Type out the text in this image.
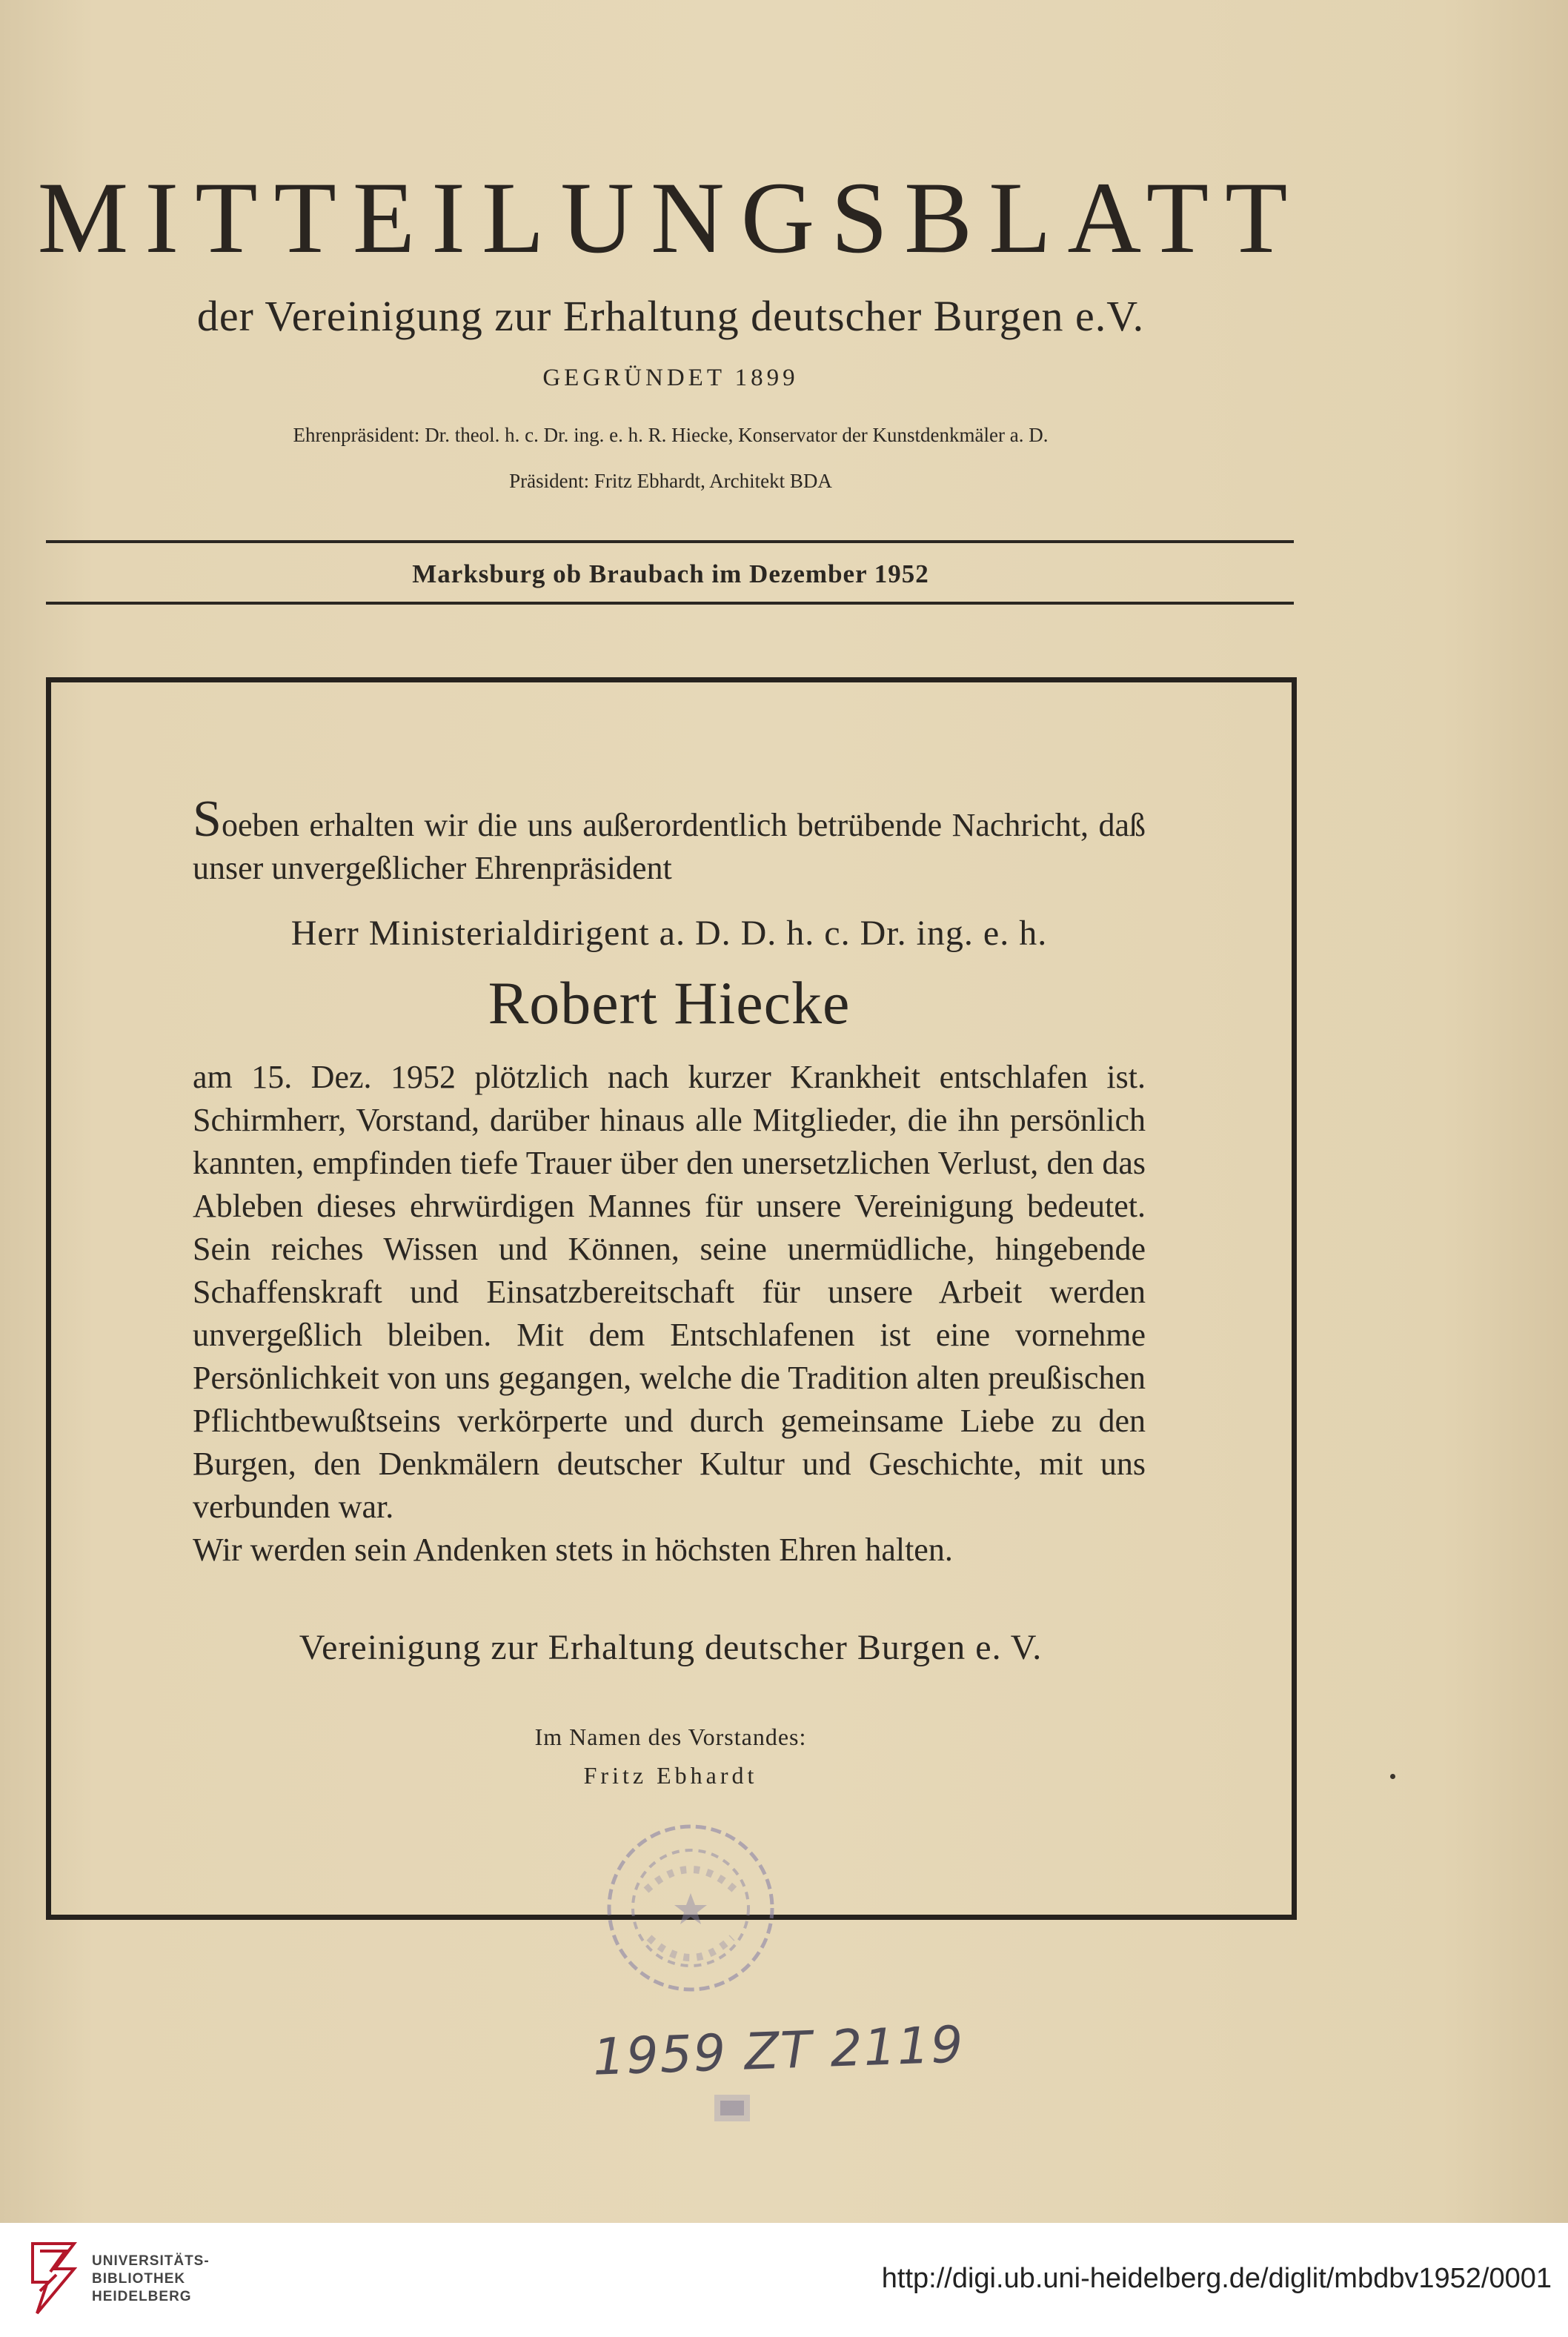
MITTEILUNGSBLATT
der Vereinigung zur Erhaltung deutscher Burgen e.V.
GEGRÜNDET 1899
Ehrenpräsident: Dr. theol. h. c. Dr. ing. e. h. R. Hiecke, Konservator der Kunstdenkmäler a. D.
Präsident: Fritz Ebhardt, Architekt BDA
Marksburg ob Braubach im Dezember 1952

Soeben erhalten wir die uns außerordentlich betrübende Nachricht, daß unser unvergeßlicher Ehrenpräsident

Herr Ministerialdirigent a. D. D. h. c. Dr. ing. e. h.
Robert Hiecke

am 15. Dez. 1952 plötzlich nach kurzer Krankheit entschlafen ist. Schirmherr, Vorstand, darüber hinaus alle Mitglieder, die ihn persönlich kannten, empfinden tiefe Trauer über den unersetzlichen Verlust, den das Ableben dieses ehrwürdigen Mannes für unsere Vereinigung bedeutet. Sein reiches Wissen und Können, seine unermüdliche, hingebende Schaffenskraft und Einsatzbereitschaft für unsere Arbeit werden unvergeßlich bleiben. Mit dem Entschlafenen ist eine vornehme Persönlichkeit von uns gegangen, welche die Tradition alten preußischen Pflichtbewußtseins verkörperte und durch gemeinsame Liebe zu den Burgen, den Denkmälern deutscher Kultur und Geschichte, mit uns verbunden war.

Wir werden sein Andenken stets in höchsten Ehren halten.

Vereinigung zur Erhaltung deutscher Burgen e. V.
Im Namen des Vorstandes:
Fritz Ebhardt
1959 ZT 2119
UNIVERSITÄTS-
BIBLIOTHEK
HEIDELBERG
http://digi.ub.uni-heidelberg.de/diglit/mbdbv1952/0001
